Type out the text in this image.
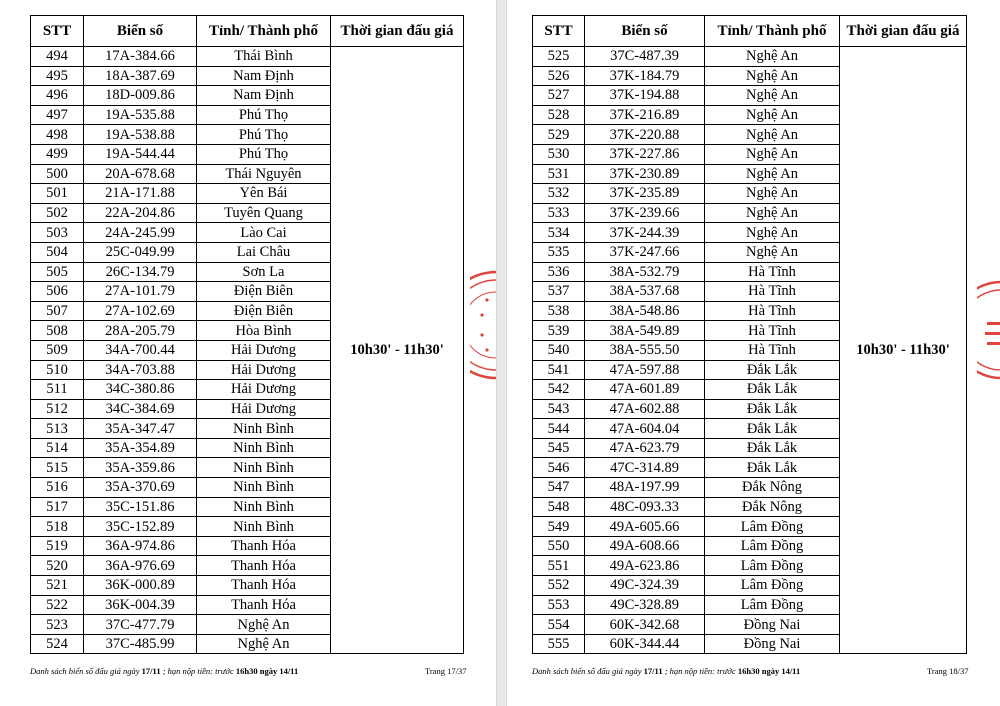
STT	Biển số	Tỉnh/ Thành phố	Thời gian đấu giá
494	17A-384.66	Thái Bình	10h30' - 11h30'
495	18A-387.69	Nam Định	
496	18D-009.86	Nam Định	
497	19A-535.88	Phú Thọ	
498	19A-538.88	Phú Thọ	
499	19A-544.44	Phú Thọ	
500	20A-678.68	Thái Nguyên	
501	21A-171.88	Yên Bái	
502	22A-204.86	Tuyên Quang	
503	24A-245.99	Lào Cai	
504	25C-049.99	Lai Châu	
505	26C-134.79	Sơn La	
506	27A-101.79	Điện Biên	
507	27A-102.69	Điện Biên	
508	28A-205.79	Hòa Bình	
509	34A-700.44	Hải Dương	
510	34A-703.88	Hải Dương	
511	34C-380.86	Hải Dương	
512	34C-384.69	Hải Dương	
513	35A-347.47	Ninh Bình	
514	35A-354.89	Ninh Bình	
515	35A-359.86	Ninh Bình	
516	35A-370.69	Ninh Bình	
517	35C-151.86	Ninh Bình	
518	35C-152.89	Ninh Bình	
519	36A-974.86	Thanh Hóa	
520	36A-976.69	Thanh Hóa	
521	36K-000.89	Thanh Hóa	
522	36K-004.39	Thanh Hóa	
523	37C-477.79	Nghệ An	
524	37C-485.99	Nghệ An	
Danh sách biển số đấu giá ngày 17/11 ; hạn nộp tiền: trước 16h30 ngày 14/11	Trang 17/37
STT	Biển số	Tỉnh/ Thành phố	Thời gian đấu giá
525	37C-487.39	Nghệ An	10h30' - 11h30'
526	37K-184.79	Nghệ An	
527	37K-194.88	Nghệ An	
528	37K-216.89	Nghệ An	
529	37K-220.88	Nghệ An	
530	37K-227.86	Nghệ An	
531	37K-230.89	Nghệ An	
532	37K-235.89	Nghệ An	
533	37K-239.66	Nghệ An	
534	37K-244.39	Nghệ An	
535	37K-247.66	Nghệ An	
536	38A-532.79	Hà Tĩnh	
537	38A-537.68	Hà Tĩnh	
538	38A-548.86	Hà Tĩnh	
539	38A-549.89	Hà Tĩnh	
540	38A-555.50	Hà Tĩnh	
541	47A-597.88	Đắk Lắk	
542	47A-601.89	Đắk Lắk	
543	47A-602.88	Đắk Lắk	
544	47A-604.04	Đắk Lắk	
545	47A-623.79	Đắk Lắk	
546	47C-314.89	Đắk Lắk	
547	48A-197.99	Đắk Nông	
548	48C-093.33	Đắk Nông	
549	49A-605.66	Lâm Đồng	
550	49A-608.66	Lâm Đồng	
551	49A-623.86	Lâm Đồng	
552	49C-324.39	Lâm Đồng	
553	49C-328.89	Lâm Đồng	
554	60K-342.68	Đồng Nai	
555	60K-344.44	Đồng Nai	
Danh sách biển số đấu giá ngày 17/11 ; hạn nộp tiền: trước 16h30 ngày 14/11	Trang 18/37
